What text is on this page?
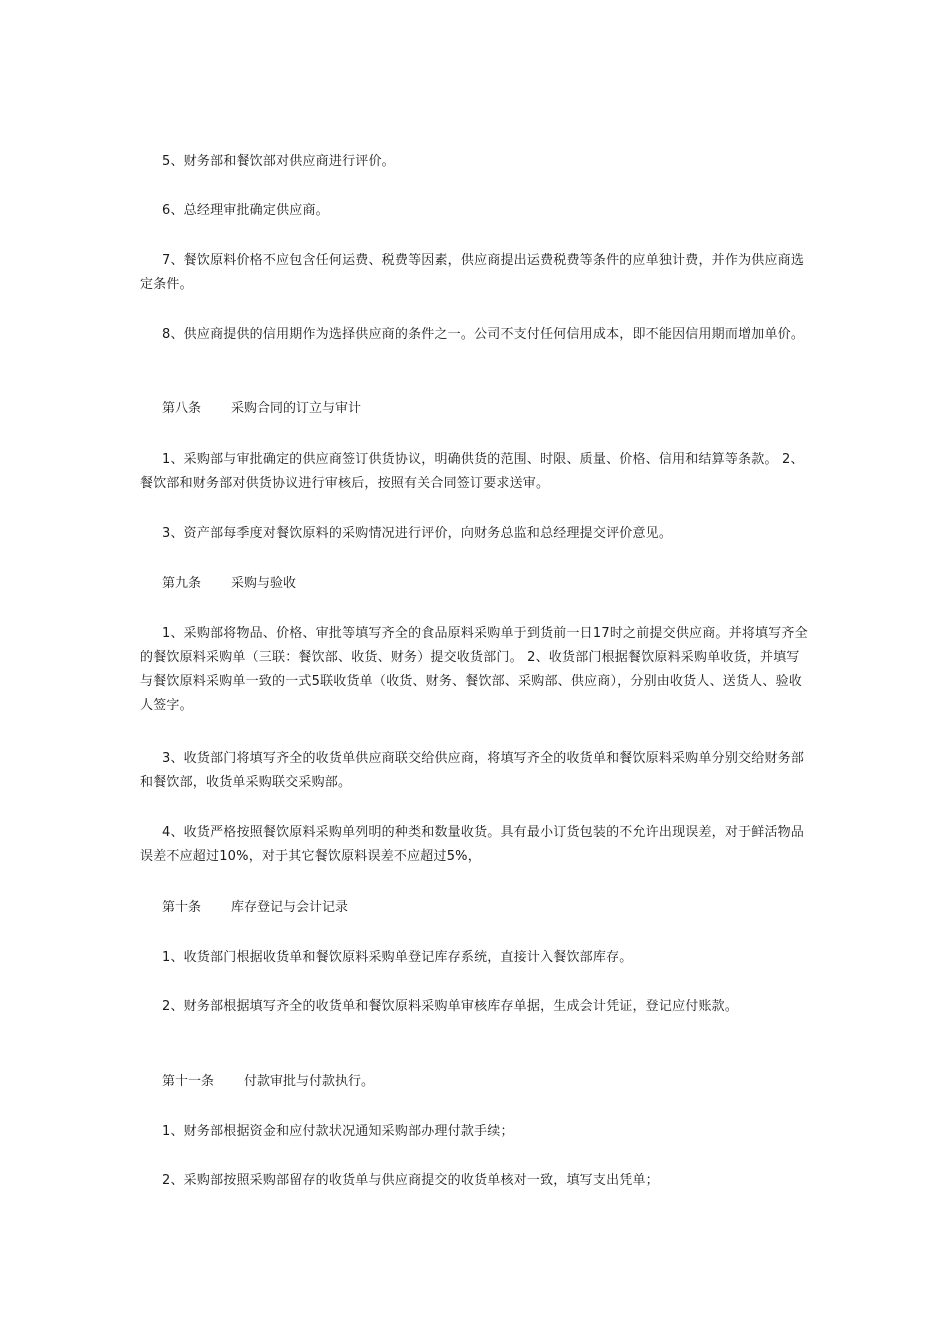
5、财务部和餐饮部对供应商进行评价。

6、总经理审批确定供应商。

7、餐饮原料价格不应包含任何运费、税费等因素，供应商提出运费税费等条件的应单独计费，并作为供应商选定条件。

8、供应商提供的信用期作为选择供应商的条件之一。公司不支付任何信用成本，即不能因信用期而增加单价。

第八条 采购合同的订立与审计

1、采购部与审批确定的供应商签订供货协议，明确供货的范围、时限、质量、价格、信用和结算等条款。 2、餐饮部和财务部对供货协议进行审核后，按照有关合同签订要求送审。

3、资产部每季度对餐饮原料的采购情况进行评价，向财务总监和总经理提交评价意见。

第九条 采购与验收

1、采购部将物品、价格、审批等填写齐全的食品原料采购单于到货前一日17时之前提交供应商。并将填写齐全的餐饮原料采购单（三联：餐饮部、收货、财务）提交收货部门。 2、收货部门根据餐饮原料采购单收货，并填写与餐饮原料采购单一致的一式5联收货单（收货、财务、餐饮部、采购部、供应商），分别由收货人、送货人、验收人签字。

3、收货部门将填写齐全的收货单供应商联交给供应商，将填写齐全的收货单和餐饮原料采购单分别交给财务部和餐饮部，收货单采购联交采购部。

4、收货严格按照餐饮原料采购单列明的种类和数量收货。具有最小订货包装的不允许出现误差，对于鲜活物品误差不应超过10%，对于其它餐饮原料误差不应超过5%，

第十条 库存登记与会计记录

1、收货部门根据收货单和餐饮原料采购单登记库存系统，直接计入餐饮部库存。

2、财务部根据填写齐全的收货单和餐饮原料采购单审核库存单据，生成会计凭证，登记应付账款。

第十一条 付款审批与付款执行。

1、财务部根据资金和应付款状况通知采购部办理付款手续；

2、采购部按照采购部留存的收货单与供应商提交的收货单核对一致，填写支出凭单；
